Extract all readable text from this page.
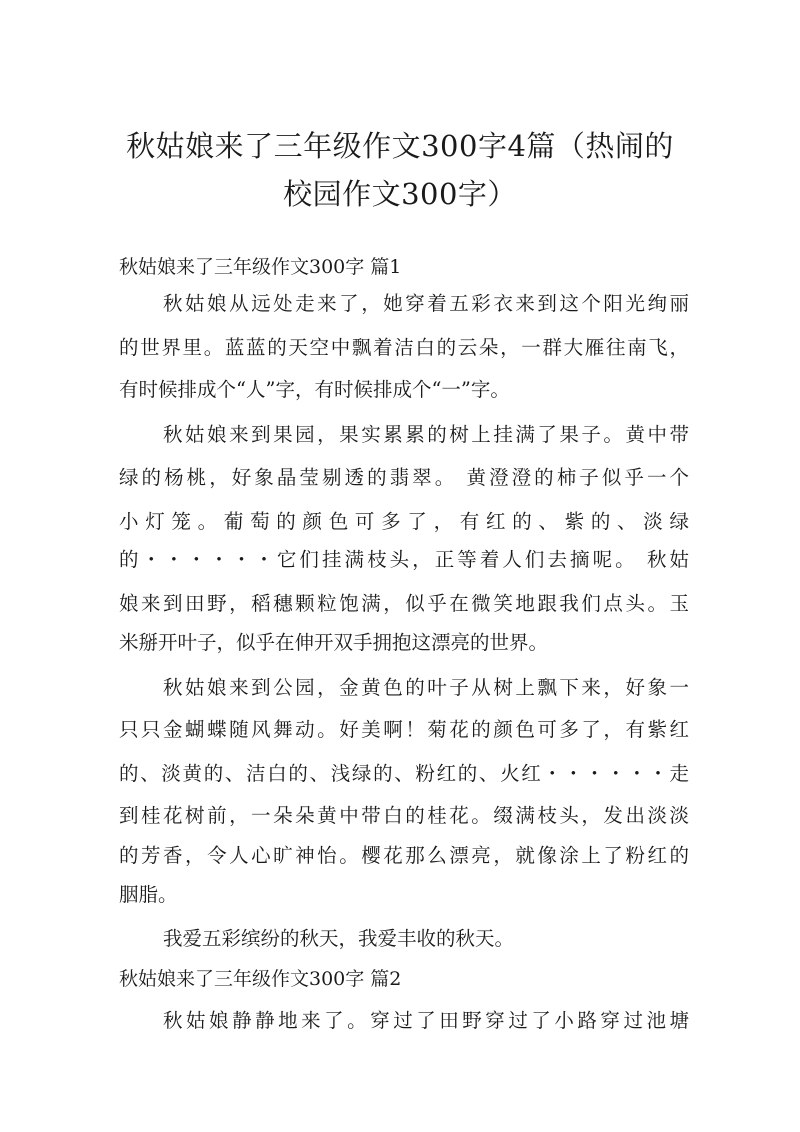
秋姑娘来了三年级作文300字4篇（热闹的
校园作文300字）
秋姑娘来了三年级作文300字 篇1
秋姑娘从远处走来了，她穿着五彩衣来到这个阳光绚丽
的世界里。蓝蓝的天空中飘着洁白的云朵，一群大雁往南飞，
有时候排成个“人”字，有时候排成个“一”字。
秋姑娘来到果园，果实累累的树上挂满了果子。黄中带
绿的杨桃，好象晶莹剔透的翡翠。 黄澄澄的柿子似乎一个
小灯笼。葡萄的颜色可多了，有红的、紫的、淡绿
的・・・・・・它们挂满枝头，正等着人们去摘呢。 秋姑
娘来到田野，稻穗颗粒饱满，似乎在微笑地跟我们点头。玉
米掰开叶子，似乎在伸开双手拥抱这漂亮的世界。
秋姑娘来到公园，金黄色的叶子从树上飘下来，好象一
只只金蝴蝶随风舞动。好美啊！菊花的颜色可多了，有紫红
的、淡黄的、洁白的、浅绿的、粉红的、火红・・・・・・走
到桂花树前，一朵朵黄中带白的桂花。缀满枝头，发出淡淡
的芳香，令人心旷神怡。樱花那么漂亮，就像涂上了粉红的
胭脂。
我爱五彩缤纷的秋天，我爱丰收的秋天。
秋姑娘来了三年级作文300字 篇2
秋姑娘静静地来了。穿过了田野穿过了小路穿过池塘
